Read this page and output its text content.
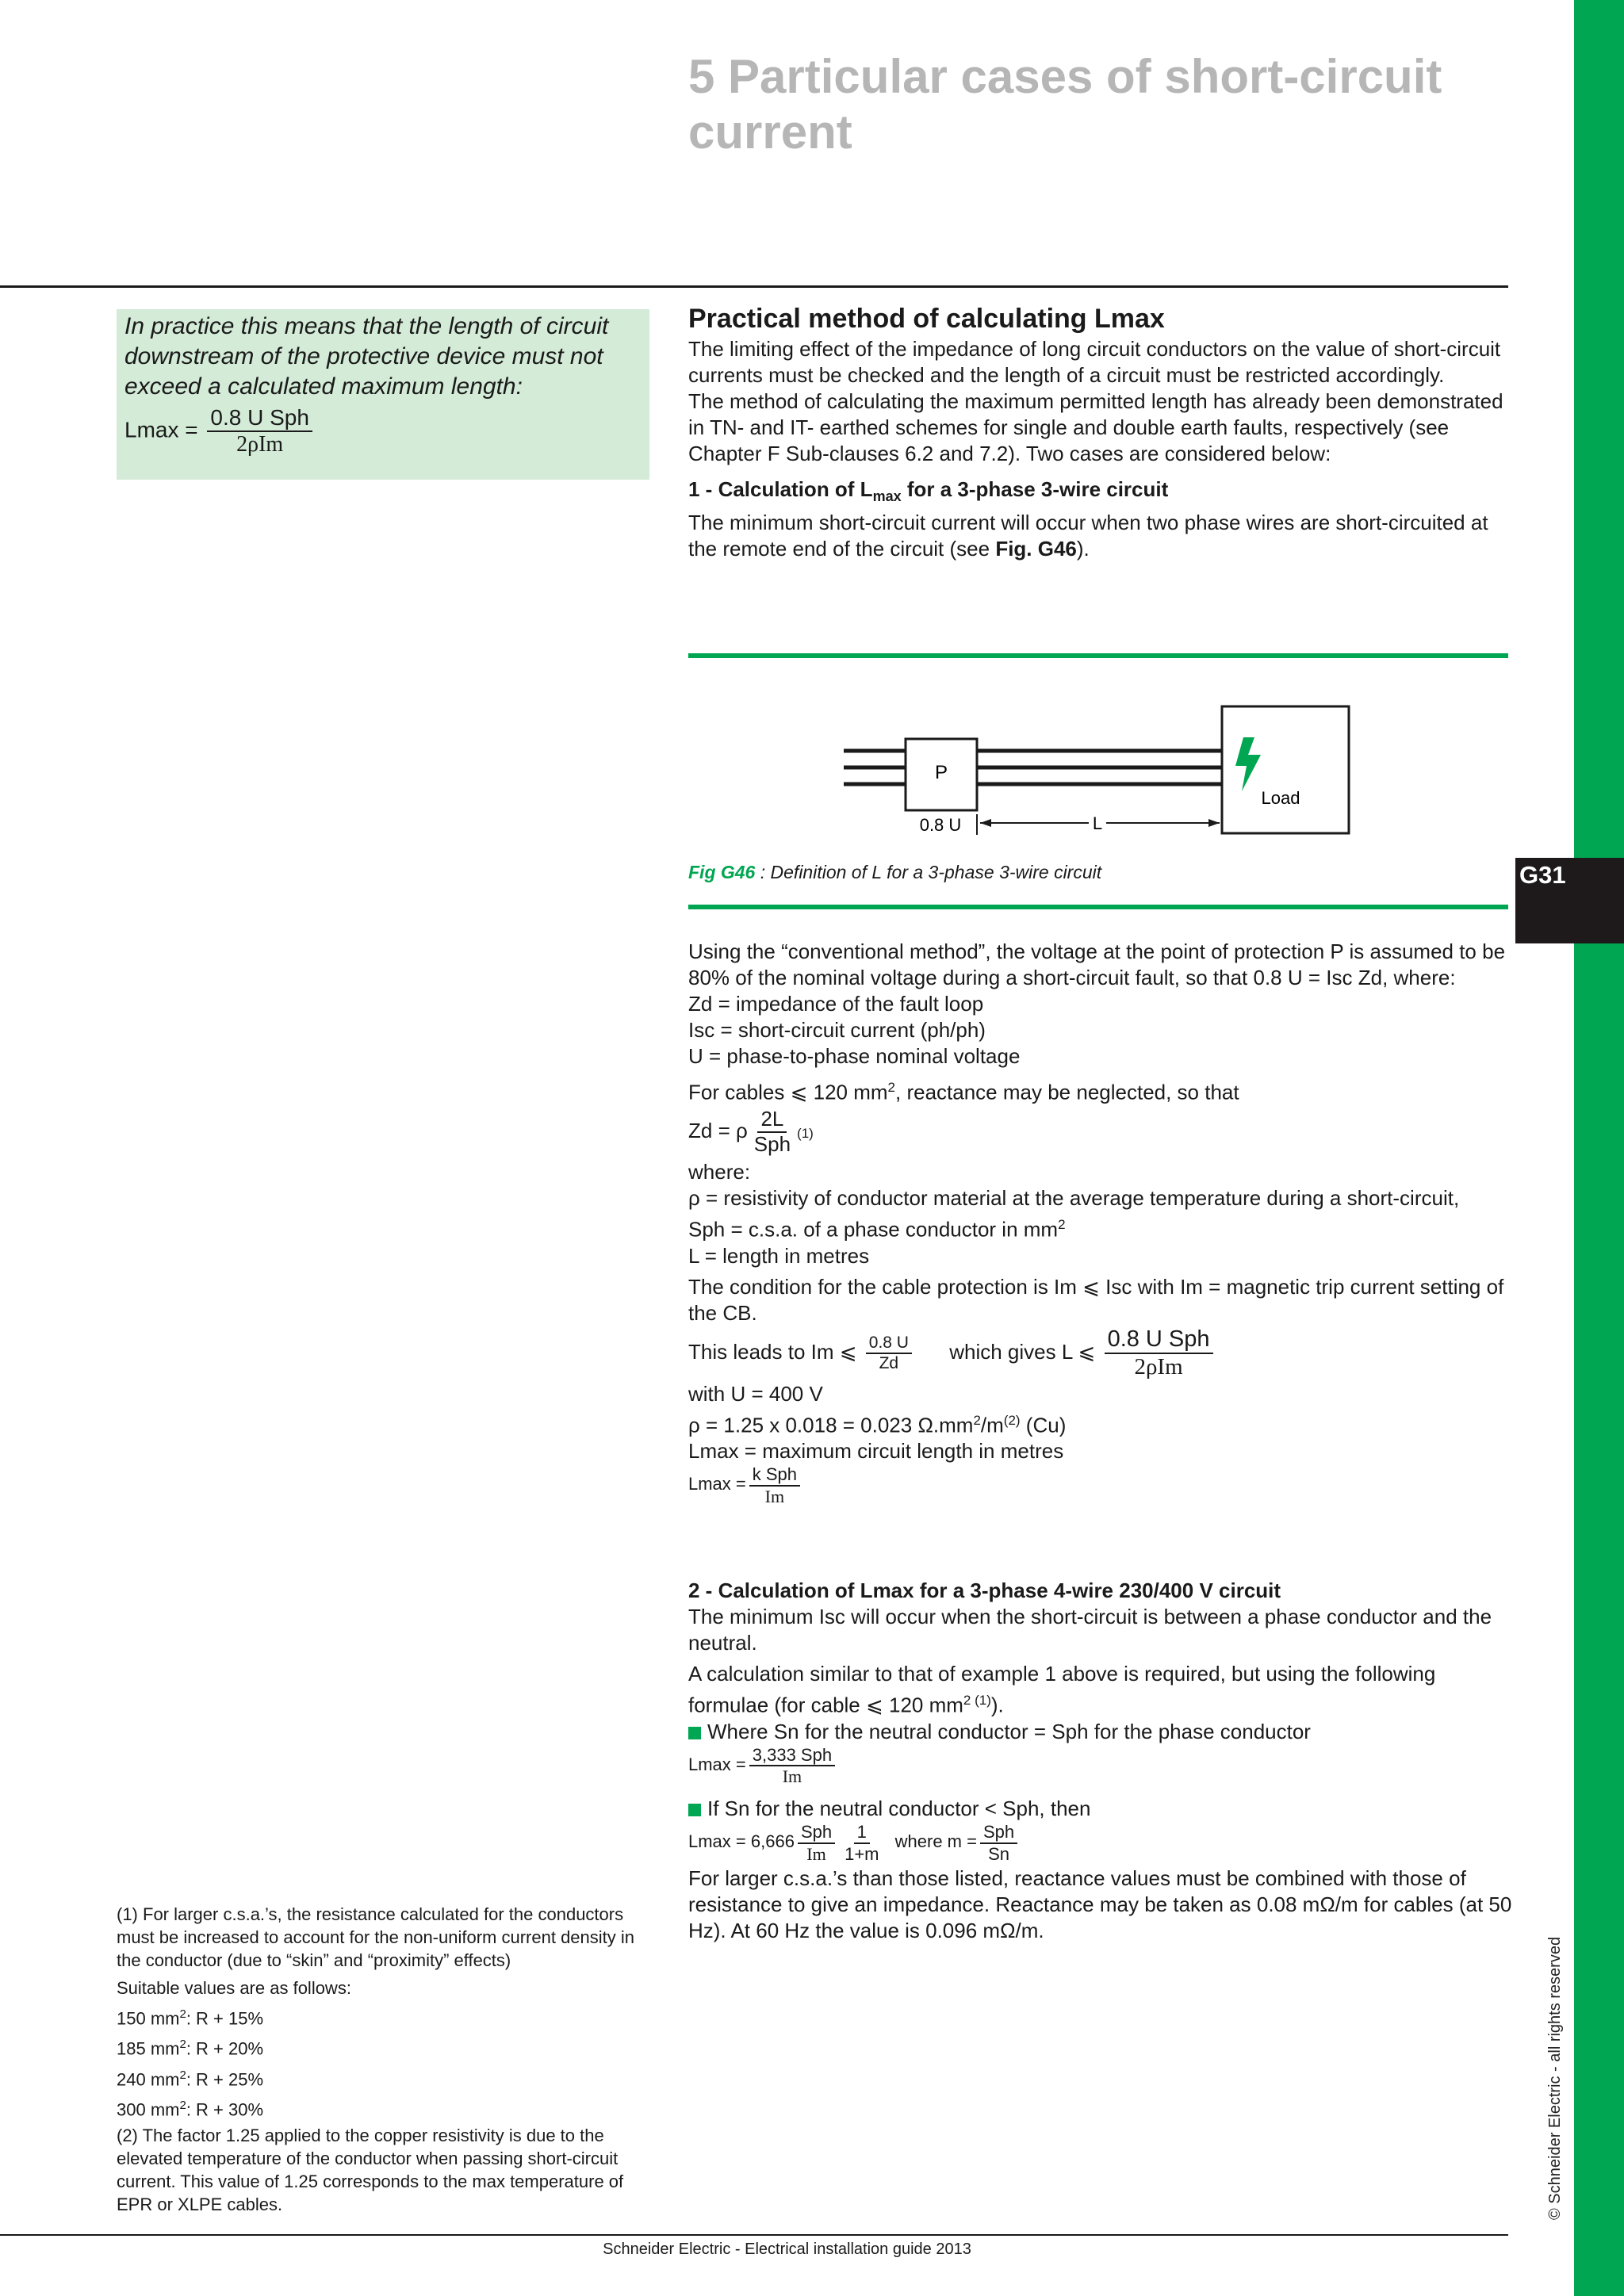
G31
© Schneider Electric - all rights reserved
5 Particular cases of short-circuit current
In practice this means that the length of circuit downstream of the protective device must not exceed a calculated maximum length:
$Lmax = \frac{\text{0.8 U Sph}}{\text{2ρIm}}$
Practical method of calculating Lmax

The limiting effect of the impedance of long circuit conductors on the value of short-circuit currents must be checked and the length of a circuit must be restricted accordingly.

The method of calculating the maximum permitted length has already been demonstrated in TN- and IT- earthed schemes for single and double earth faults, respectively (see Chapter F Sub-clauses 6.2 and 7.2). Two cases are considered below:

1 - Calculation of $L_{max}$ for a 3-phase 3-wire circuit

The minimum short-circuit current will occur when two phase wires are short-circuited at the remote end of the circuit (see Fig. G46).

P
Load
L
0.8 U
Fig G46 : Definition of L for a 3-phase 3-wire circuit

Using the “conventional method”, the voltage at the point of protection P is assumed to be 80% of the nominal voltage during a short-circuit fault, so that 0.8 U = Isc Zd, where:

Zd = impedance of the fault loop

Isc = short-circuit current (ph/ph)

U = phase-to-phase nominal voltage

For cables ⩽ 120 $mm^2$, reactance may be neglected, so that

Zd = ρ $\frac{2L}{\text{Sph}} (1)$

where:

ρ = resistivity of conductor material at the average temperature during a short-circuit,

Sph = c.s.a. of a phase conductor in $mm^2$

L = length in metres

The condition for the cable protection is Im ⩽ Isc with Im = magnetic trip current setting of the CB.

This leads to Im ⩽ $\frac{0.8 U}{Zd}$ which gives L ⩽ $\frac{\text{0.8 U Sph}}{\text{2ρIm}}$

with U = 400 V

ρ = 1.25 x 0.018 = 0.023 $\Omega.mm^2/m^{(2)}$ (Cu)

Lmax = maximum circuit length in metres

$Lmax = \frac{\text{k Sph}}{Im}$
2 - Calculation of Lmax for a 3-phase 4-wire 230/400 V circuit

The minimum Isc will occur when the short-circuit is between a phase conductor and the neutral.

A calculation similar to that of example 1 above is required, but using the following formulae (for cable ⩽ 120 $mm^{2 (1)}$).

Where Sn for the neutral conductor = Sph for the phase conductor

$Lmax = \frac{\text{3,333 Sph}}{Im}$

If Sn for the neutral conductor < Sph, then

$Lmax = 6,666 \frac{\text{Sph}}{Im} \frac{1}{1+m}$ where $m = \frac{\text{Sph}}{Sn}$

For larger c.s.a.’s than those listed, reactance values must be combined with those of resistance to give an impedance. Reactance may be taken as 0.08 mΩ/m for cables (at 50 Hz). At 60 Hz the value is 0.096 mΩ/m.

(1) For larger c.s.a.’s, the resistance calculated for the conductors must be increased to account for the non-uniform current density in the conductor (due to “skin” and “proximity” effects)

Suitable values are as follows:

150 $mm^2$: R + 15%

185 $mm^2$: R + 20%

240 $mm^2$: R + 25%

300 $mm^2$: R + 30%

(2) The factor 1.25 applied to the copper resistivity is due to the elevated temperature of the conductor when passing short-circuit current. This value of 1.25 corresponds to the max temperature of EPR or XLPE cables.

Schneider Electric - Electrical installation guide 2013
